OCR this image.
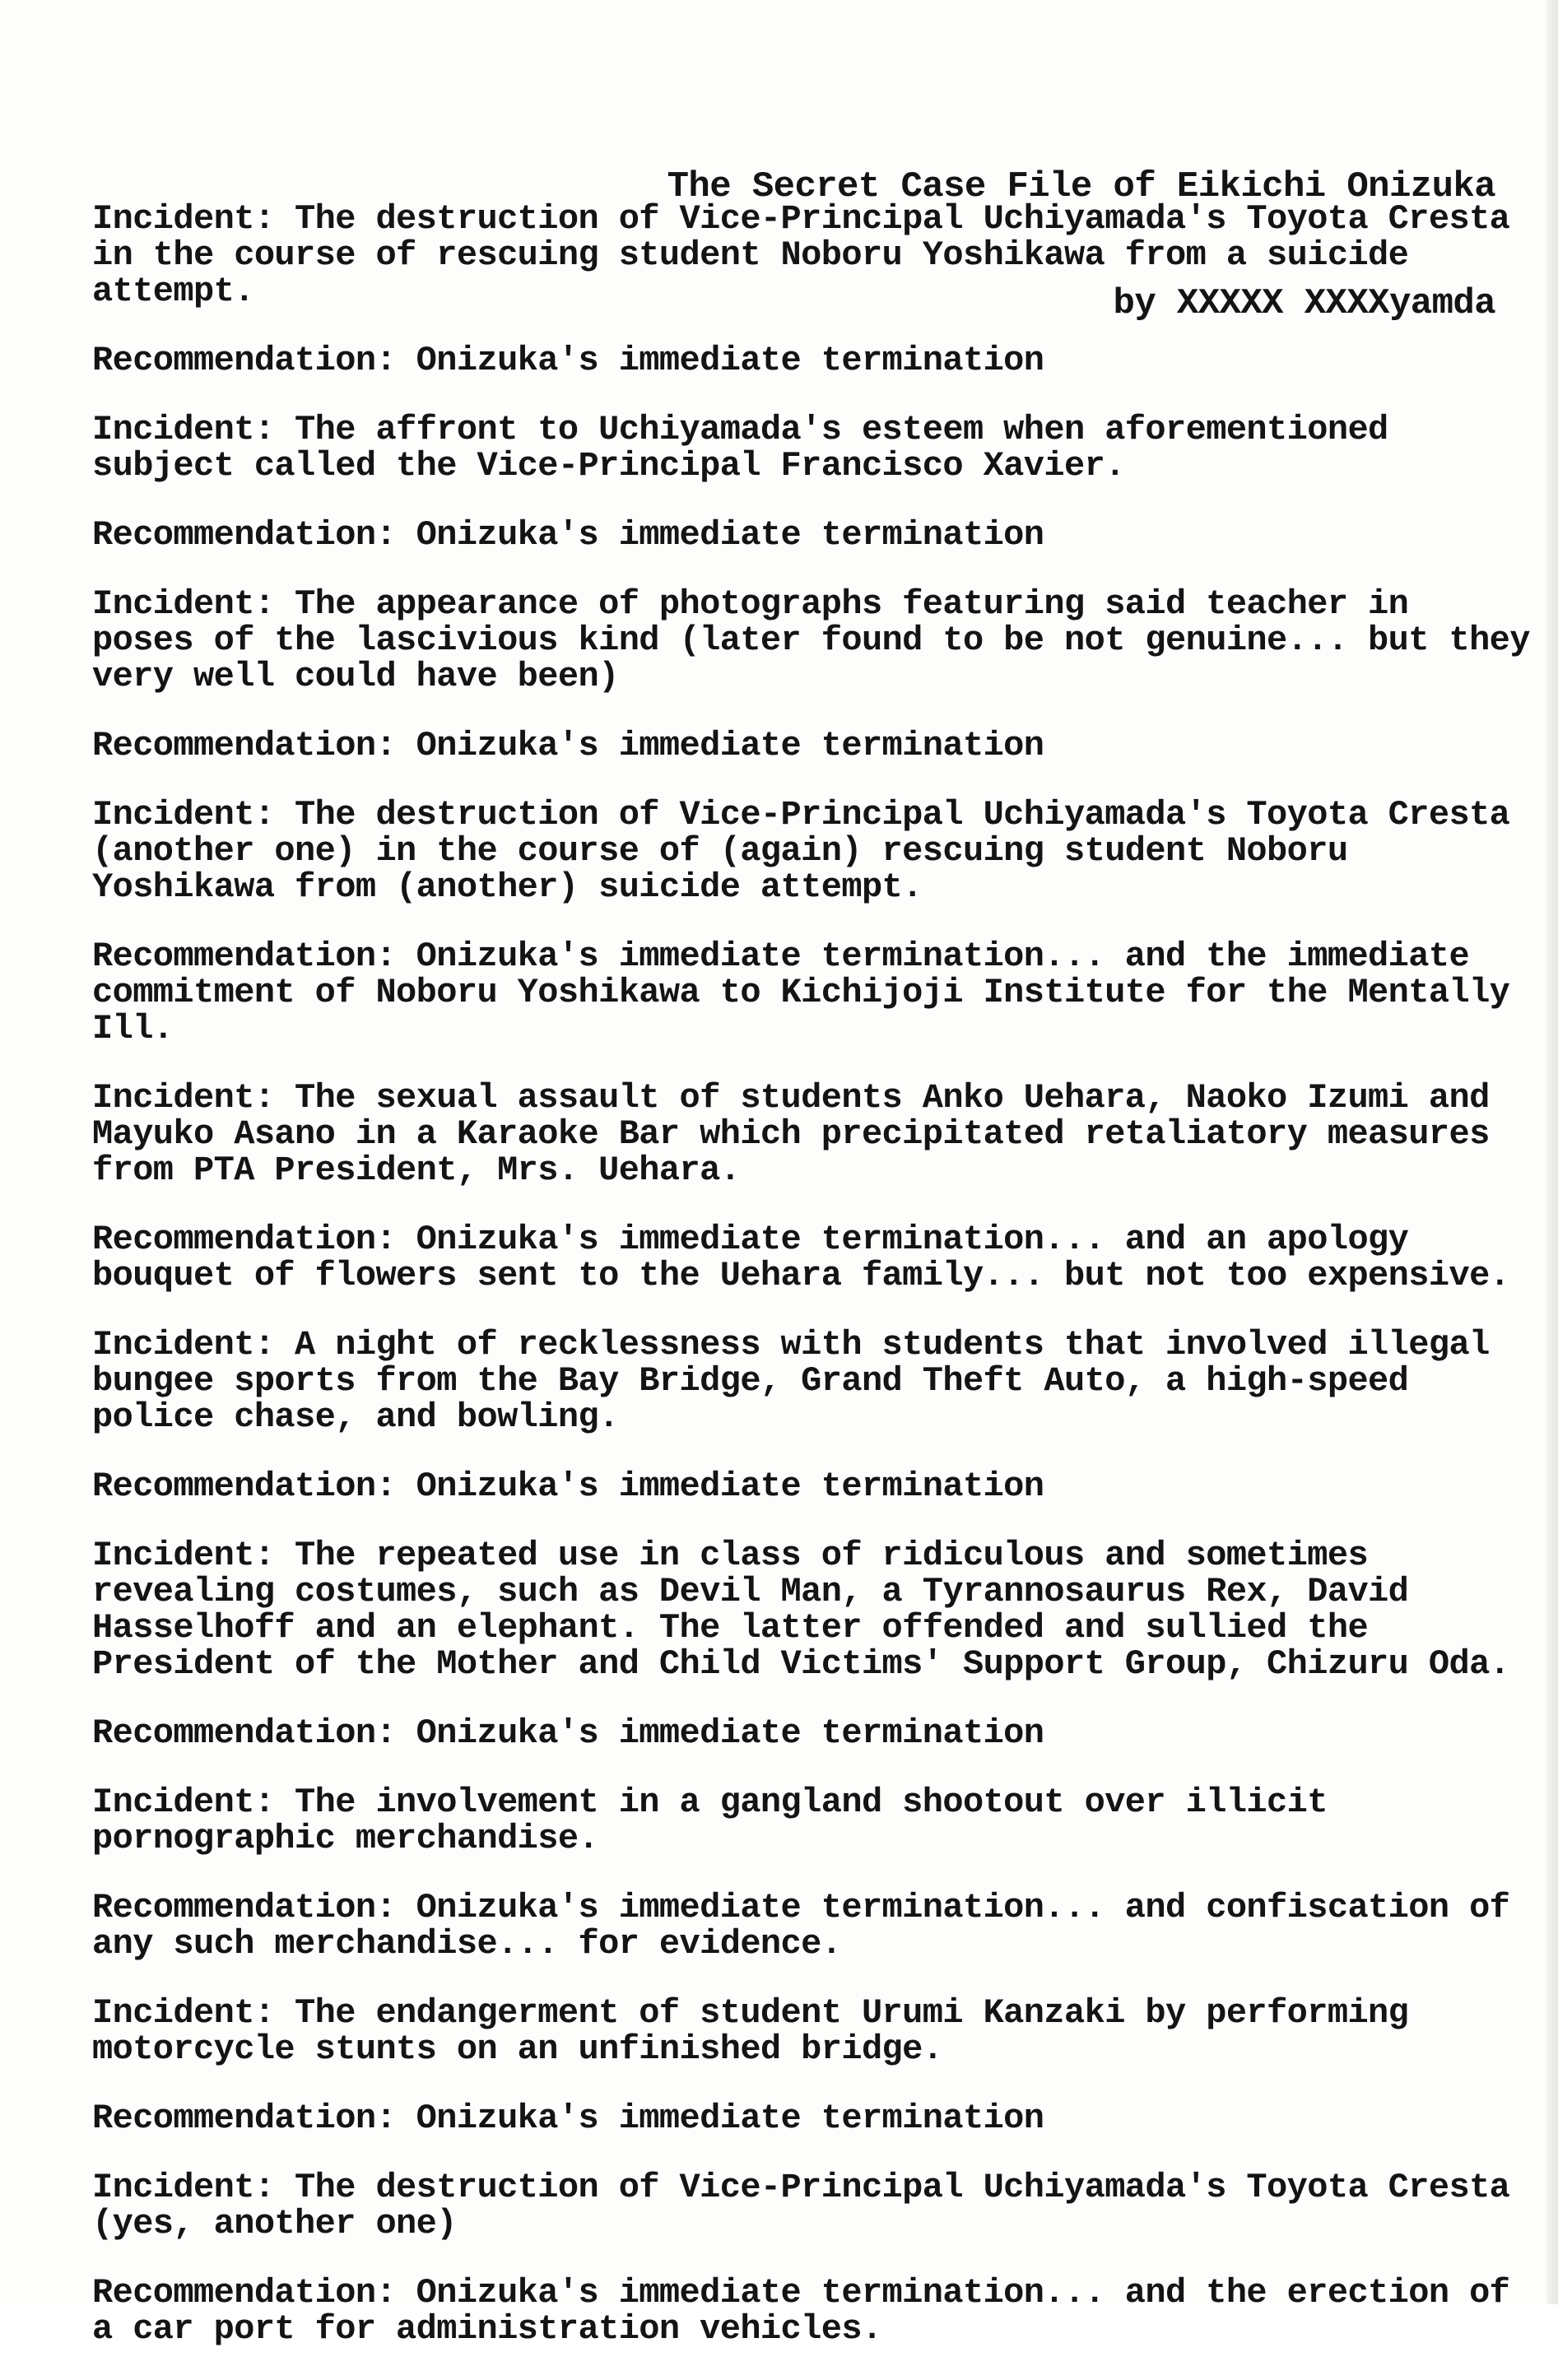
The Secret Case File of Eikichi Onizuka

by XXXXX XXXXyamda

Incident: The destruction of Vice-Principal Uchiyamada's Toyota Cresta
in the course of rescuing student Noboru Yoshikawa from a suicide
attempt.
Recommendation: Onizuka's immediate termination
Incident: The affront to Uchiyamada's esteem when aforementioned
subject called the Vice-Principal Francisco Xavier.
Recommendation: Onizuka's immediate termination
Incident: The appearance of photographs featuring said teacher in
poses of the lascivious kind (later found to be not genuine... but they
very well could have been)
Recommendation: Onizuka's immediate termination
Incident: The destruction of Vice-Principal Uchiyamada's Toyota Cresta
(another one) in the course of (again) rescuing student Noboru
Yoshikawa from (another) suicide attempt.
Recommendation: Onizuka's immediate termination... and the immediate
commitment of Noboru Yoshikawa to Kichijoji Institute for the Mentally
Ill.
Incident: The sexual assault of students Anko Uehara, Naoko Izumi and
Mayuko Asano in a Karaoke Bar which precipitated retaliatory measures
from PTA President, Mrs. Uehara.
Recommendation: Onizuka's immediate termination... and an apology
bouquet of flowers sent to the Uehara family... but not too expensive.
Incident: A night of recklessness with students that involved illegal
bungee sports from the Bay Bridge, Grand Theft Auto, a high-speed
police chase, and bowling.
Recommendation: Onizuka's immediate termination
Incident: The repeated use in class of ridiculous and sometimes
revealing costumes, such as Devil Man, a Tyrannosaurus Rex, David
Hasselhoff and an elephant. The latter offended and sullied the
President of the Mother and Child Victims' Support Group, Chizuru Oda.
Recommendation: Onizuka's immediate termination
Incident: The involvement in a gangland shootout over illicit
pornographic merchandise.
Recommendation: Onizuka's immediate termination... and confiscation of
any such merchandise... for evidence.
Incident: The endangerment of student Urumi Kanzaki by performing
motorcycle stunts on an unfinished bridge.
Recommendation: Onizuka's immediate termination
Incident: The destruction of Vice-Principal Uchiyamada's Toyota Cresta
(yes, another one)
Recommendation: Onizuka's immediate termination... and the erection of
a car port for administration vehicles.
